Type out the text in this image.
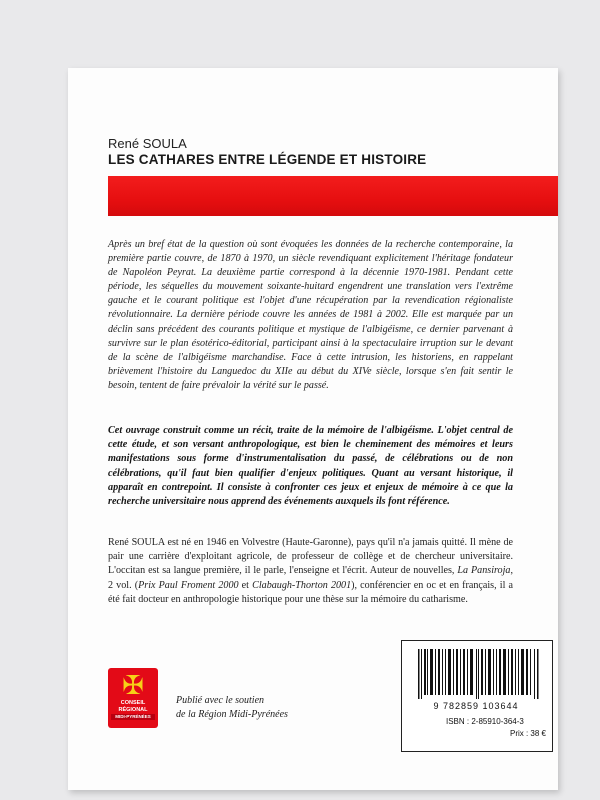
René SOULA
LES CATHARES ENTRE LÉGENDE ET HISTOIRE

Après un bref état de la question où sont évoquées les données de la recherche contemporaine, la première partie couvre, de 1870 à 1970, un siècle revendiquant explicitement l'héritage fondateur de Napoléon Peyrat. La deuxième partie correspond à la décennie 1970-1981. Pendant cette période, les séquelles du mouvement soixante-huitard engendrent une translation vers l'extrême gauche et le courant politique est l'objet d'une récupération par la revendication régionaliste révolutionnaire. La dernière période couvre les années de 1981 à 2002. Elle est marquée par un déclin sans précédent des courants politique et mystique de l'albigéisme, ce dernier parvenant à survivre sur le plan ésotérico-éditorial, participant ainsi à la spectaculaire irruption sur le devant de la scène de l'albigéisme marchandise. Face à cette intrusion, les historiens, en rappelant brièvement l'histoire du Languedoc du XIIe au début du XIVe siècle, lorsque s'en fait sentir le besoin, tentent de faire prévaloir la vérité sur le passé.

Cet ouvrage construit comme un récit, traite de la mémoire de l'albigéisme. L'objet central de cette étude, et son versant anthropologique, est bien le cheminement des mémoires et leurs manifestations sous forme d'instrumentalisation du passé, de célébrations ou de non célébrations, qu'il faut bien qualifier d'enjeux politiques. Quant au versant historique, il apparaît en contrepoint. Il consiste à confronter ces jeux et enjeux de mémoire à ce que la recherche universitaire nous apprend des événements auxquels ils font référence.

René SOULA est né en 1946 en Volvestre (Haute-Garonne), pays qu'il n'a jamais quitté. Il mène de pair une carrière d'exploitant agricole, de professeur de collège et de chercheur universitaire. L'occitan est sa langue première, il le parle, l'enseigne et l'écrit. Auteur de nouvelles, La Pansiroja, 2 vol. (Prix Paul Froment 2000 et Clabaugh-Thorton 2001), conférencier en oc et en français, il a été fait docteur en anthropologie historique pour une thèse sur la mémoire du catharisme.

✠
CONSEIL
RÉGIONAL
MIDI-PYRÉNÉES
Publié avec le soutien
de la Région Midi-Pyrénées
9 782859 103644
ISBN : 2-85910-364-3
Prix : 38 €
